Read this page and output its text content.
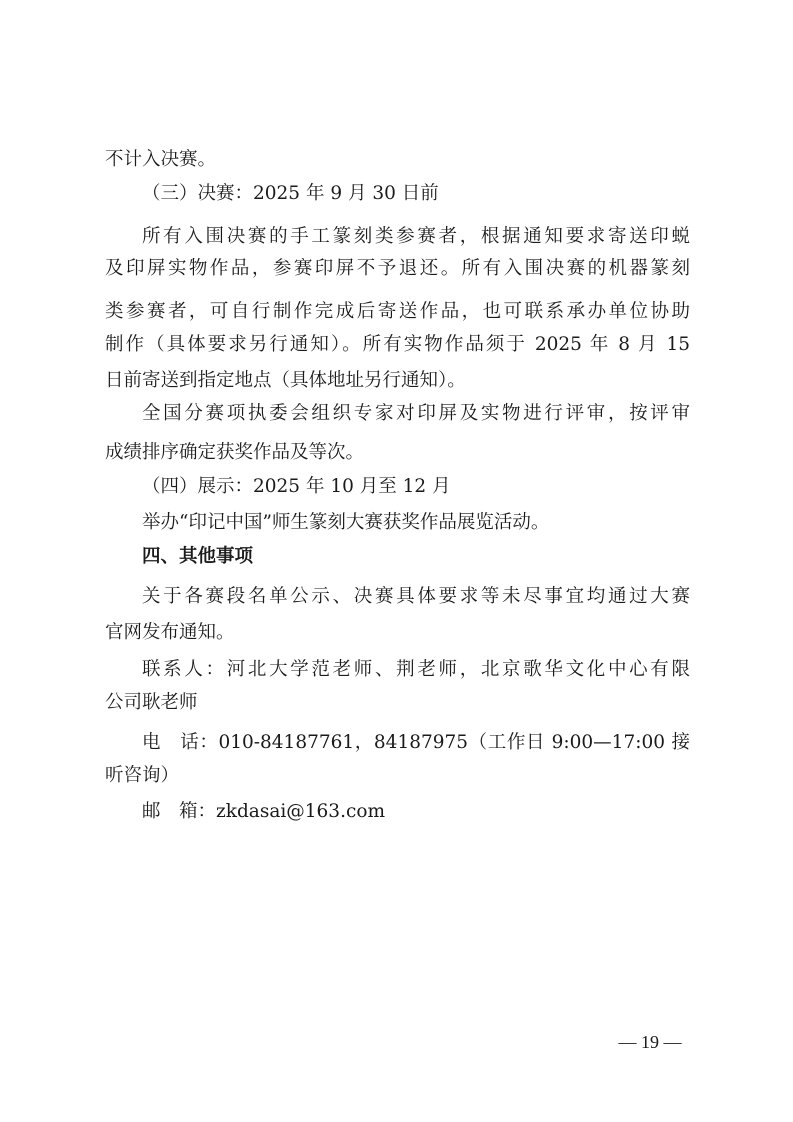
不计入决赛。
（三）决赛：2025 年 9 月 30 日前
所有入围决赛的手工篆刻类参赛者，根据通知要求寄送印蜕
及印屏实物作品，参赛印屏不予退还。所有入围决赛的机器篆刻
类参赛者，可自行制作完成后寄送作品，也可联系承办单位协助
制作（具体要求另行通知）。所有实物作品须于 2025 年 8 月 15
日前寄送到指定地点（具体地址另行通知）。
全国分赛项执委会组织专家对印屏及实物进行评审，按评审
成绩排序确定获奖作品及等次。
（四）展示：2025 年 10 月至 12 月
举办“印记中国”师生篆刻大赛获奖作品展览活动。
四、其他事项
关于各赛段名单公示、决赛具体要求等未尽事宜均通过大赛
官网发布通知。
联系人：河北大学范老师、荆老师，北京歌华文化中心有限
公司耿老师
电　话：010-84187761，84187975（工作日 9:00—17:00 接
听咨询）
邮　箱：zkdasai@163.com
— 19 —
